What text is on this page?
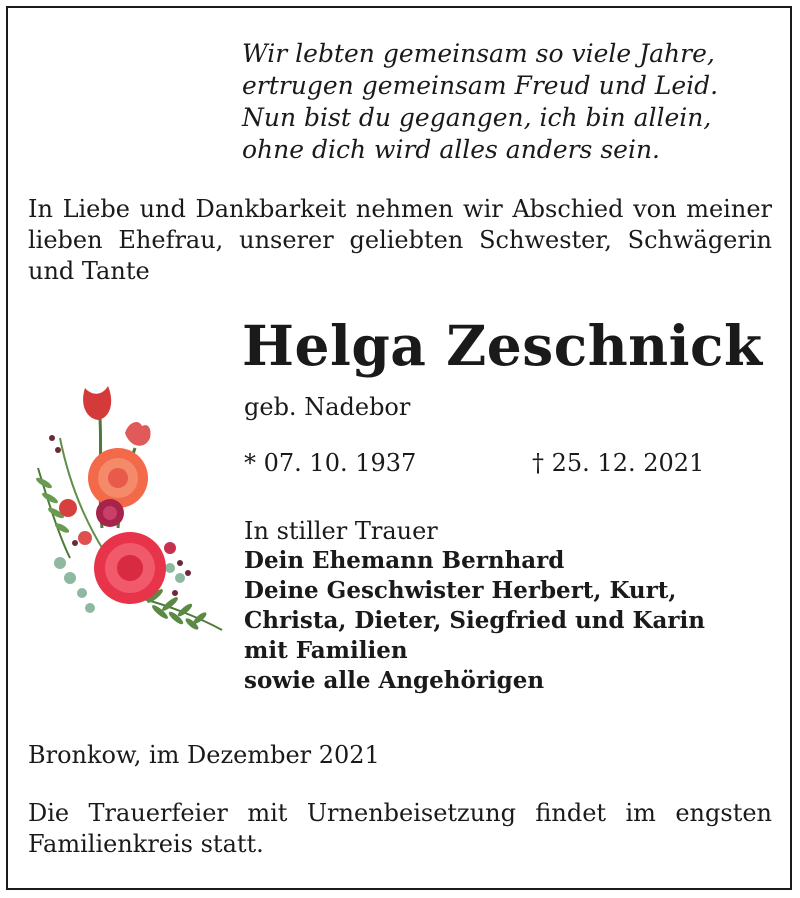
Wir lebten gemeinsam so viele Jahre,
ertrugen gemeinsam Freud und Leid.
Nun bist du gegangen, ich bin allein,
ohne dich wird alles anders sein.
In Liebe und Dankbarkeit nehmen wir Abschied von meiner lieben Ehefrau, unserer geliebten Schwester, Schwägerin und Tante
Helga Zeschnick
geb. Nadebor
* 07. 10. 1937	† 25. 12. 2021
In stiller Trauer
Dein Ehemann Bernhard
Deine Geschwister Herbert, Kurt,
Christa, Dieter, Siegfried und Karin
mit Familien
sowie alle Angehörigen
Bronkow, im Dezember 2021
Die Trauerfeier mit Urnenbeisetzung findet im engsten Familienkreis statt.
